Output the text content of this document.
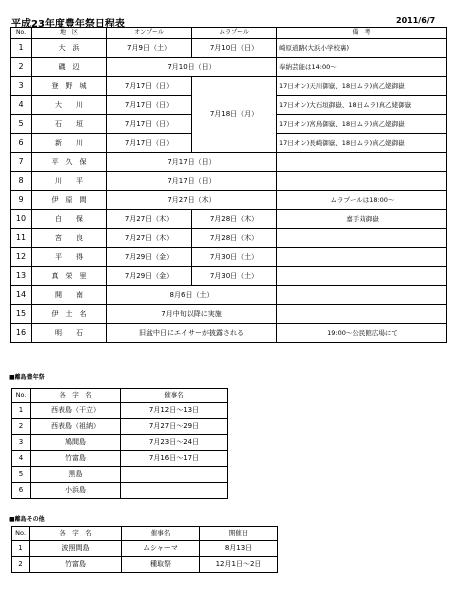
平成23年度豊年祭日程表	2011/6/7
No.	地　区	オンプール	ムラプール	備　考
1	大　浜	7月9日（土）	7月10日（日）	崎原道路(大浜小学校裏)
2	磯　辺	7月10日（日）		奉納芸能は14:00～
3	登　野　城	7月17日（日）	7月18日（月）	17日オン)天川御嶽、18日ムラ)真乙姥御嶽
4	大　　川	7月17日（日）		17日オン)大石垣御嶽、18日ムラ)真乙姥御嶽
5	石　　垣	7月17日（日）		17日オン)宮鳥御嶽、18日ムラ)真乙姥御嶽
6	新　　川	7月17日（日）		17日オン)長崎御嶽、18日ムラ)真乙姥御嶽
7	平　久　保	7月17日（日）		
8	川　　平	7月17日（日）		
9	伊　原　間	7月27日（木）		ムラプールは18:00～
10	白　　保	7月27日（木）	7月28日（木）	嘉手苅御嶽
11	宮　　良	7月27日（木）	7月28日（木）	
12	平　　得	7月29日（金）	7月30日（土）	
13	真　栄　里	7月29日（金）	7月30日（土）	
14	開　　南	8月6日（土）		
15	伊　土　名	7月中旬以降に実施		
16	明　　石	旧盆中日にエイサーが披露される		19:00～公民館広場にて
■離島豊年祭
No.	各　字　名	催事名
1	西表島（干立）	7月12日～13日
2	西表島（祖納）	7月27日～29日
3	鳩間島	7月23日～24日
4	竹富島	7月16日～17日
5	黒島	
6	小浜島	
■離島その他
No.	各　字　名	催事名	開催日
1	波照間島	ムシャーマ	8月13日
2	竹富島	種取祭	12月1日～2日
